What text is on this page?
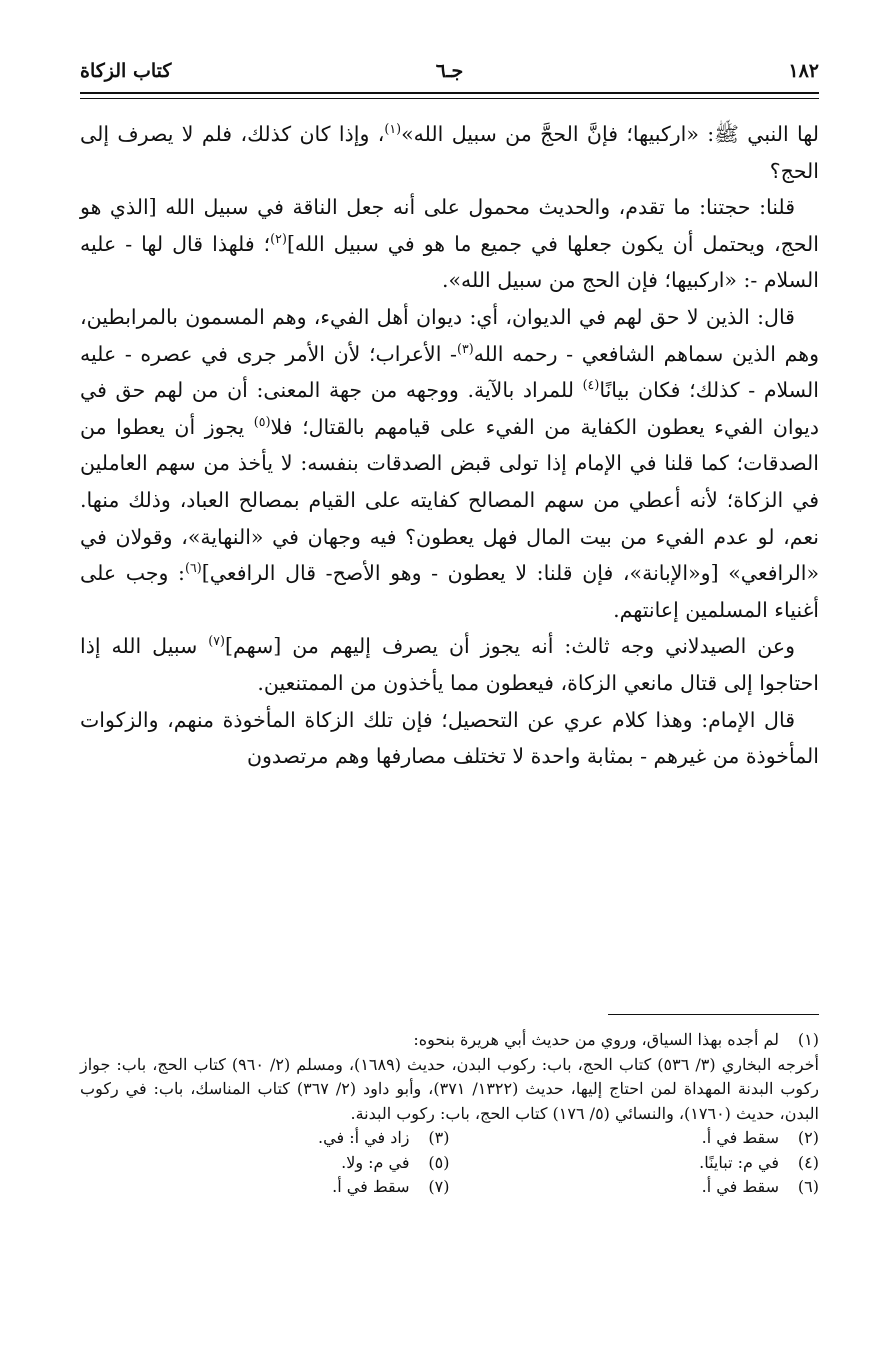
١٨٢
جـ٦
كتاب الزكاة

لها النبي ﷺ: «اركبيها؛ فإنَّ الحجَّ من سبيل الله»$^{(١)}$، وإذا كان كذلك، فلم لا يصرف إلى الحج؟

قلنا: حجتنا: ما تقدم، والحديث محمول على أنه جعل الناقة في سبيل الله [الذي هو الحج، ويحتمل أن يكون جعلها في جميع ما هو في سبيل الله]$^{(٢)}$؛ فلهذا قال لها - عليه السلام -: «اركبيها؛ فإن الحج من سبيل الله».

قال: الذين لا حق لهم في الديوان، أي: ديوان أهل الفيء، وهم المسمون بالمرابطين، وهم الذين سماهم الشافعي - رحمه الله$^{(٣)}$- الأعراب؛ لأن الأمر جرى في عصره - عليه السلام - كذلك؛ فكان بيانًا$^{(٤)}$ للمراد بالآية. ووجهه من جهة المعنى: أن من لهم حق في ديوان الفيء يعطون الكفاية من الفيء على قيامهم بالقتال؛ فلا$^{(٥)}$ يجوز أن يعطوا من الصدقات؛ كما قلنا في الإمام إذا تولى قبض الصدقات بنفسه: لا يأخذ من سهم العاملين في الزكاة؛ لأنه أعطي من سهم المصالح كفايته على القيام بمصالح العباد، وذلك منها. نعم، لو عدم الفيء من بيت المال فهل يعطون؟ فيه وجهان في «النهاية»، وقولان في «الرافعي» [و«الإبانة»، فإن قلنا: لا يعطون - وهو الأصح- قال الرافعي]$^{(٦)}$: وجب على أغنياء المسلمين إعانتهم.

وعن الصيدلاني وجه ثالث: أنه يجوز أن يصرف إليهم من [سهم]$^{(٧)}$ سبيل الله إذا احتاجوا إلى قتال مانعي الزكاة، فيعطون مما يأخذون من الممتنعين.

قال الإمام: وهذا كلام عري عن التحصيل؛ فإن تلك الزكاة المأخوذة منهم، والزكوات المأخوذة من غيرهم - بمثابة واحدة لا تختلف مصارفها وهم مرتصدون

(١)
لم أجده بهذا السياق، وروي من حديث أبي هريرة بنحوه:
أخرجه البخاري (٣/ ٥٣٦) كتاب الحج، باب: ركوب البدن، حديث (١٦٨٩)، ومسلم (٢/ ٩٦٠) كتاب الحج، باب: جواز ركوب البدنة المهداة لمن احتاج إليها، حديث (١٣٢٢/ ٣٧١)، وأبو داود (٢/ ٣٦٧) كتاب المناسك، باب: في ركوب البدن، حديث (١٧٦٠)، والنسائي (٥/ ١٧٦) كتاب الحج، باب: ركوب البدنة.
(٢)
سقط في أ.
(٣)
زاد في أ: في.
(٤)
في م: تباينًا.
(٥)
في م: ولا.
(٦)
سقط في أ.
(٧)
سقط في أ.
